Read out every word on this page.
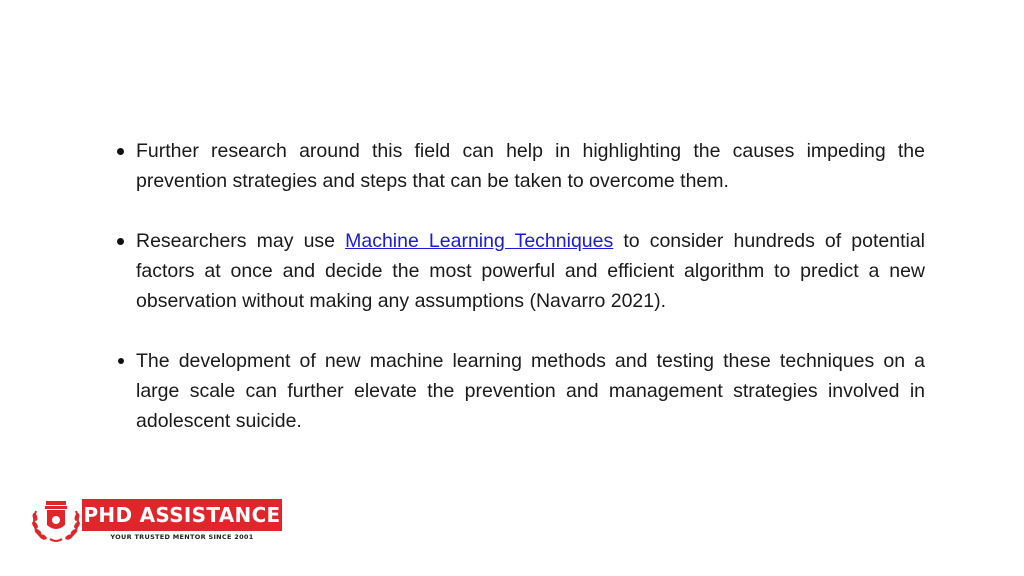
Further research around this field can help in highlighting the causes impeding the prevention strategies and steps that can be taken to overcome them.
Researchers may use Machine Learning Techniques to consider hundreds of potential factors at once and decide the most powerful and efficient algorithm to predict a new observation without making any assumptions (Navarro 2021).
The development of new machine learning methods and testing these techniques on a large scale can further elevate the prevention and management strategies involved in adolescent suicide.
PHD ASSISTANCE
YOUR TRUSTED MENTOR SINCE 2001
